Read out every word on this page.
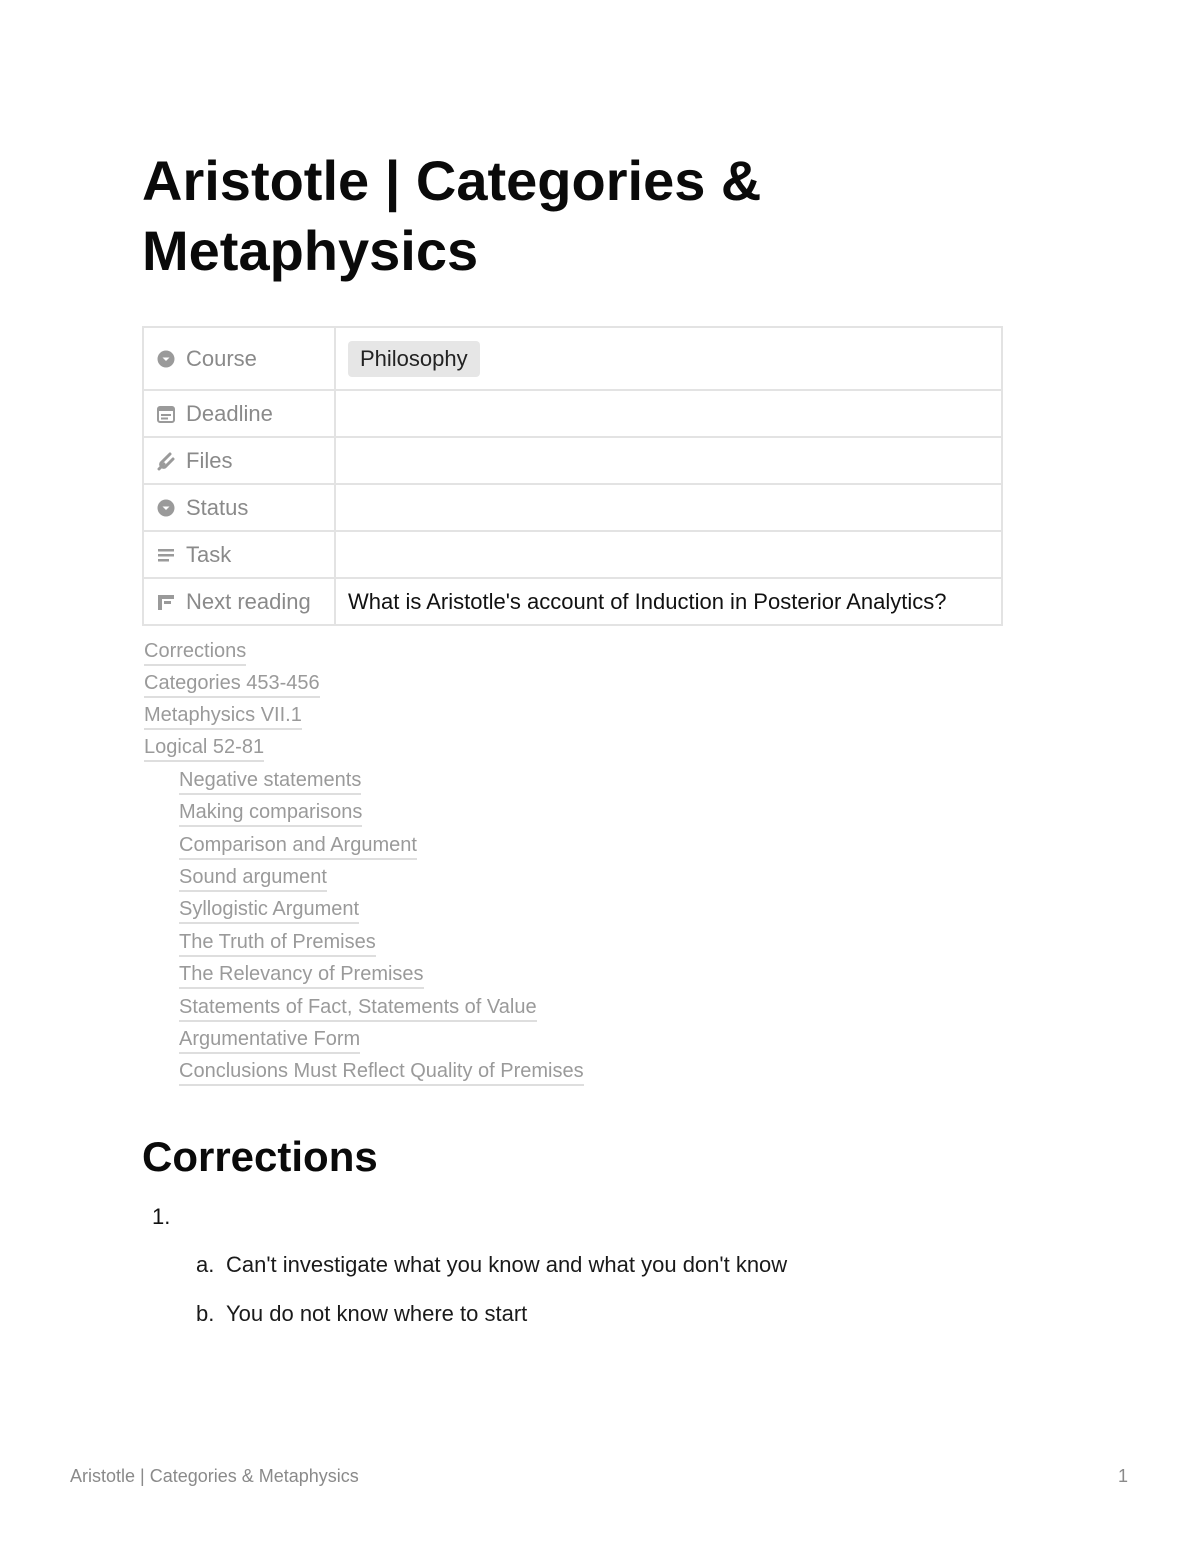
Aristotle | Categories & Metaphysics
Course	Philosophy

Deadline	

Files	

Status	

Task	

Next reading	What is Aristotle's account of Induction in Posterior Analytics?
Corrections
Categories 453-456
Metaphysics VII.1
Logical 52-81
Negative statements
Making comparisons
Comparison and Argument
Sound argument
Syllogistic Argument
The Truth of Premises
The Relevancy of Premises
Statements of Fact, Statements of Value
Argumentative Form
Conclusions Must Reflect Quality of Premises
Corrections
1.
a. Can't investigate what you know and what you don't know
b. You do not know where to start
Aristotle | Categories & Metaphysics	1
